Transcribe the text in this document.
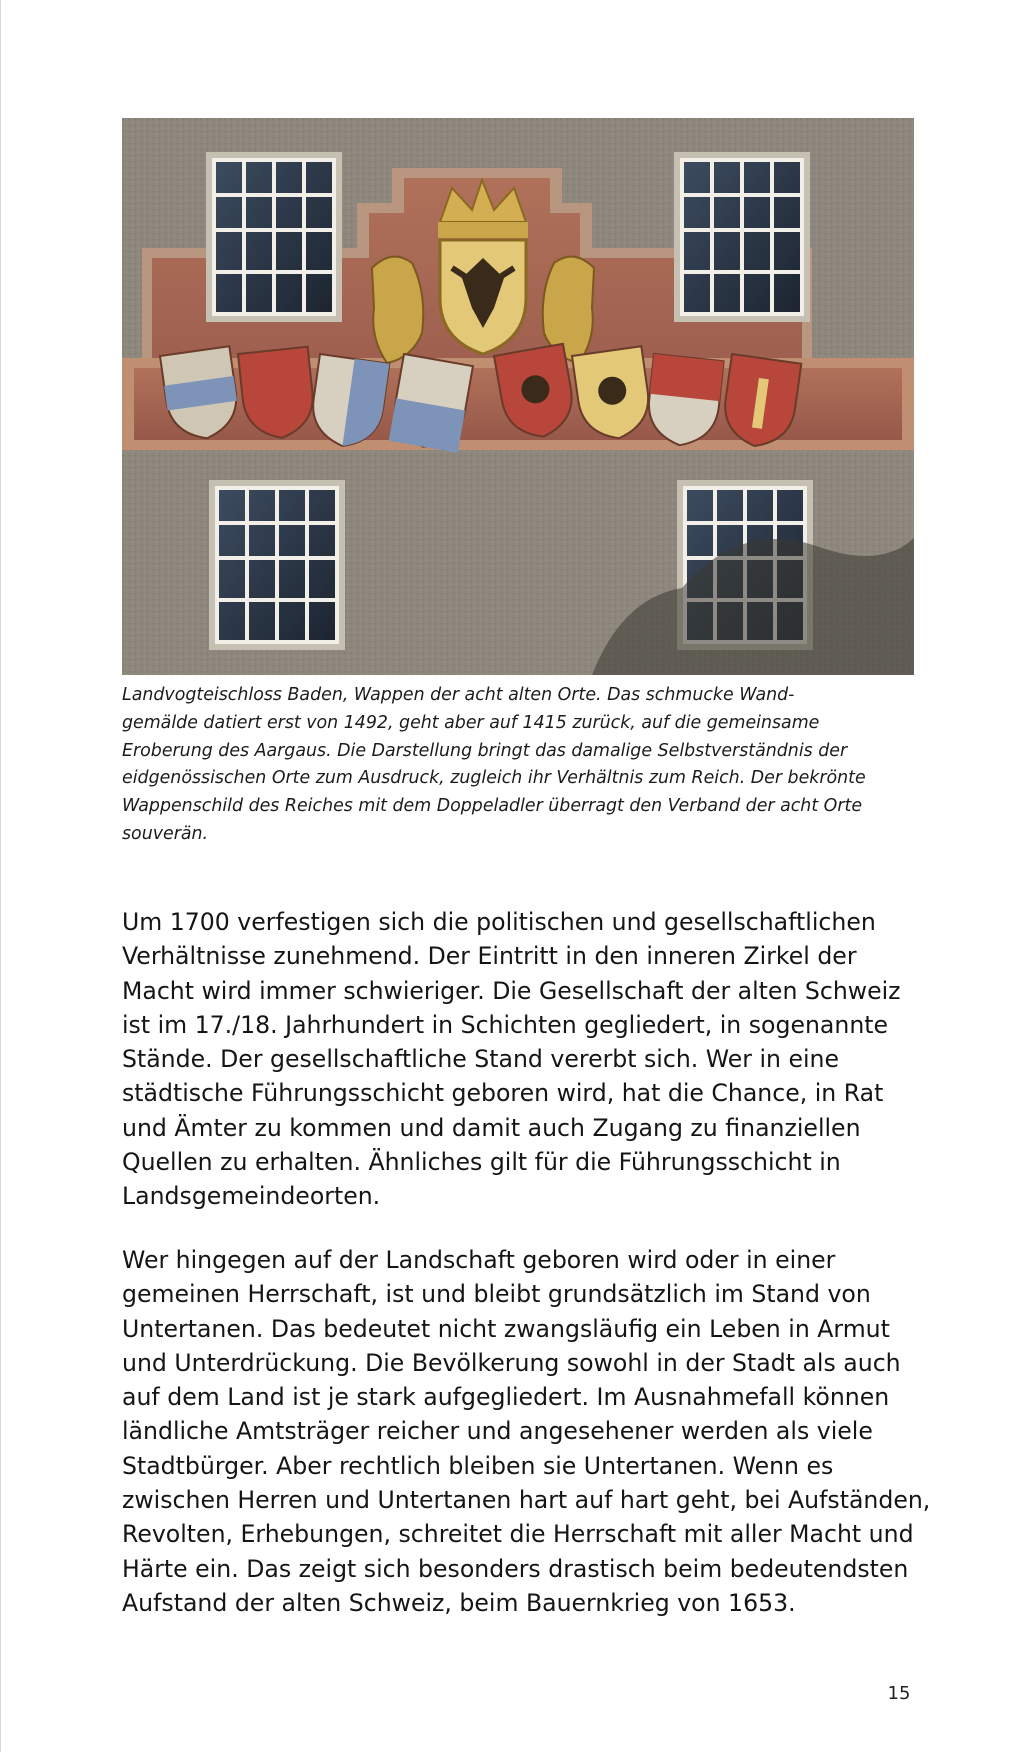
Landvogteischloss Baden, Wappen der acht alten Orte. Das schmucke Wand-
gemälde datiert erst von 1492, geht aber auf 1415 zurück, auf die gemeinsame
Eroberung des Aargaus. Die Darstellung bringt das damalige Selbstverständnis der
eidgenössischen Orte zum Ausdruck, zugleich ihr Verhältnis zum Reich. Der bekrönte
Wappenschild des Reiches mit dem Doppeladler überragt den Verband der acht Orte
souverän.

Um 1700 verfestigen sich die politischen und gesellschaftlichen
Verhältnisse zunehmend. Der Eintritt in den inneren Zirkel der
Macht wird immer schwieriger. Die Gesellschaft der alten Schweiz
ist im 17./18. Jahrhundert in Schichten gegliedert, in sogenannte
Stände. Der gesellschaftliche Stand vererbt sich. Wer in eine
städtische Führungsschicht geboren wird, hat die Chance, in Rat
und Ämter zu kommen und damit auch Zugang zu finanziellen
Quellen zu erhalten. Ähnliches gilt für die Führungsschicht in
Landsgemeindeorten.

Wer hingegen auf der Landschaft geboren wird oder in einer
gemeinen Herrschaft, ist und bleibt grundsätzlich im Stand von
Untertanen. Das bedeutet nicht zwangsläufig ein Leben in Armut
und Unterdrückung. Die Bevölkerung sowohl in der Stadt als auch
auf dem Land ist je stark aufgegliedert. Im Ausnahmefall können
ländliche Amtsträger reicher und angesehener werden als viele
Stadtbürger. Aber rechtlich bleiben sie Untertanen. Wenn es
zwischen Herren und Untertanen hart auf hart geht, bei Aufständen,
Revolten, Erhebungen, schreitet die Herrschaft mit aller Macht und
Härte ein. Das zeigt sich besonders drastisch beim bedeutendsten
Aufstand der alten Schweiz, beim Bauernkrieg von 1653.

15
